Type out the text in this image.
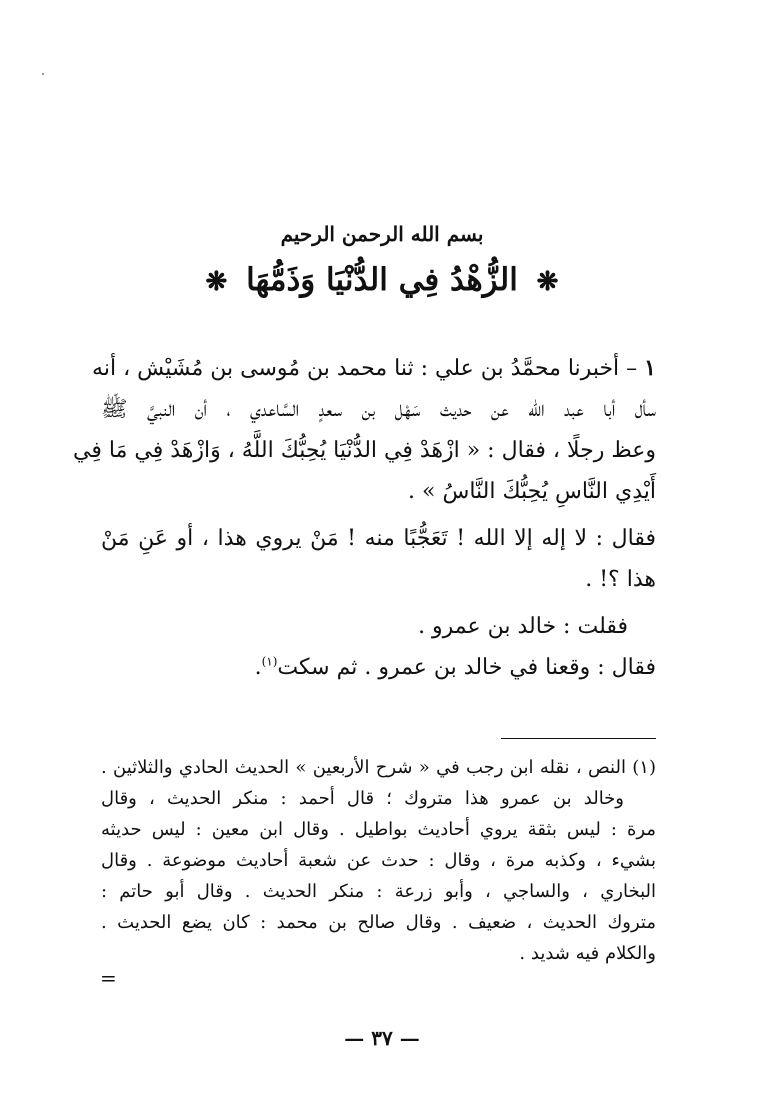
بسم الله الرحمن الرحيم
❋ الزُّهْدُ فِي الدُّنْيَا وَذَمُّهَا ❋

١ – أخبرنا محمَّدُ بن علي : ثنا محمد بن مُوسى بن مُشَيْش ، أنه
سأل أبا عبد الله عن حديث سَهْل بن سعدٍ السَّاعدي ، أن النبيَّ ﷺ
وعظ رجلًا ، فقال : « ازْهَدْ فِي الدُّنْيَا يُحِبُّكَ اللَّهُ ، وَازْهَدْ فِي مَا فِي
أَيْدِي النَّاسِ يُحِبُّكَ النَّاسُ » .

فقال : لا إله إلا الله ! تَعَجُّبًا منه ! مَنْ يروي هذا ، أو عَنِ مَنْ
هذا ؟! .

فقلت : خالد بن عمرو .

فقال : وقعنا في خالد بن عمرو . ثم سكت$^{(١)}$.

(١) النص ، نقله ابن رجب في « شرح الأربعين » الحديث الحادي والثلاثين .
وخالد بن عمرو هذا متروك ؛ قال أحمد : منكر الحديث ، وقال
مرة : ليس بثقة يروي أحاديث بواطيل . وقال ابن معين : ليس حديثه
بشيء ، وكذبه مرة ، وقال : حدث عن شعبة أحاديث موضوعة . وقال
البخاري ، والساجي ، وأبو زرعة : منكر الحديث . وقال أبو حاتم :
متروك الحديث ، ضعيف . وقال صالح بن محمد : كان يضع الحديث .
والكلام فيه شديد .
=
— ٣٧ —
